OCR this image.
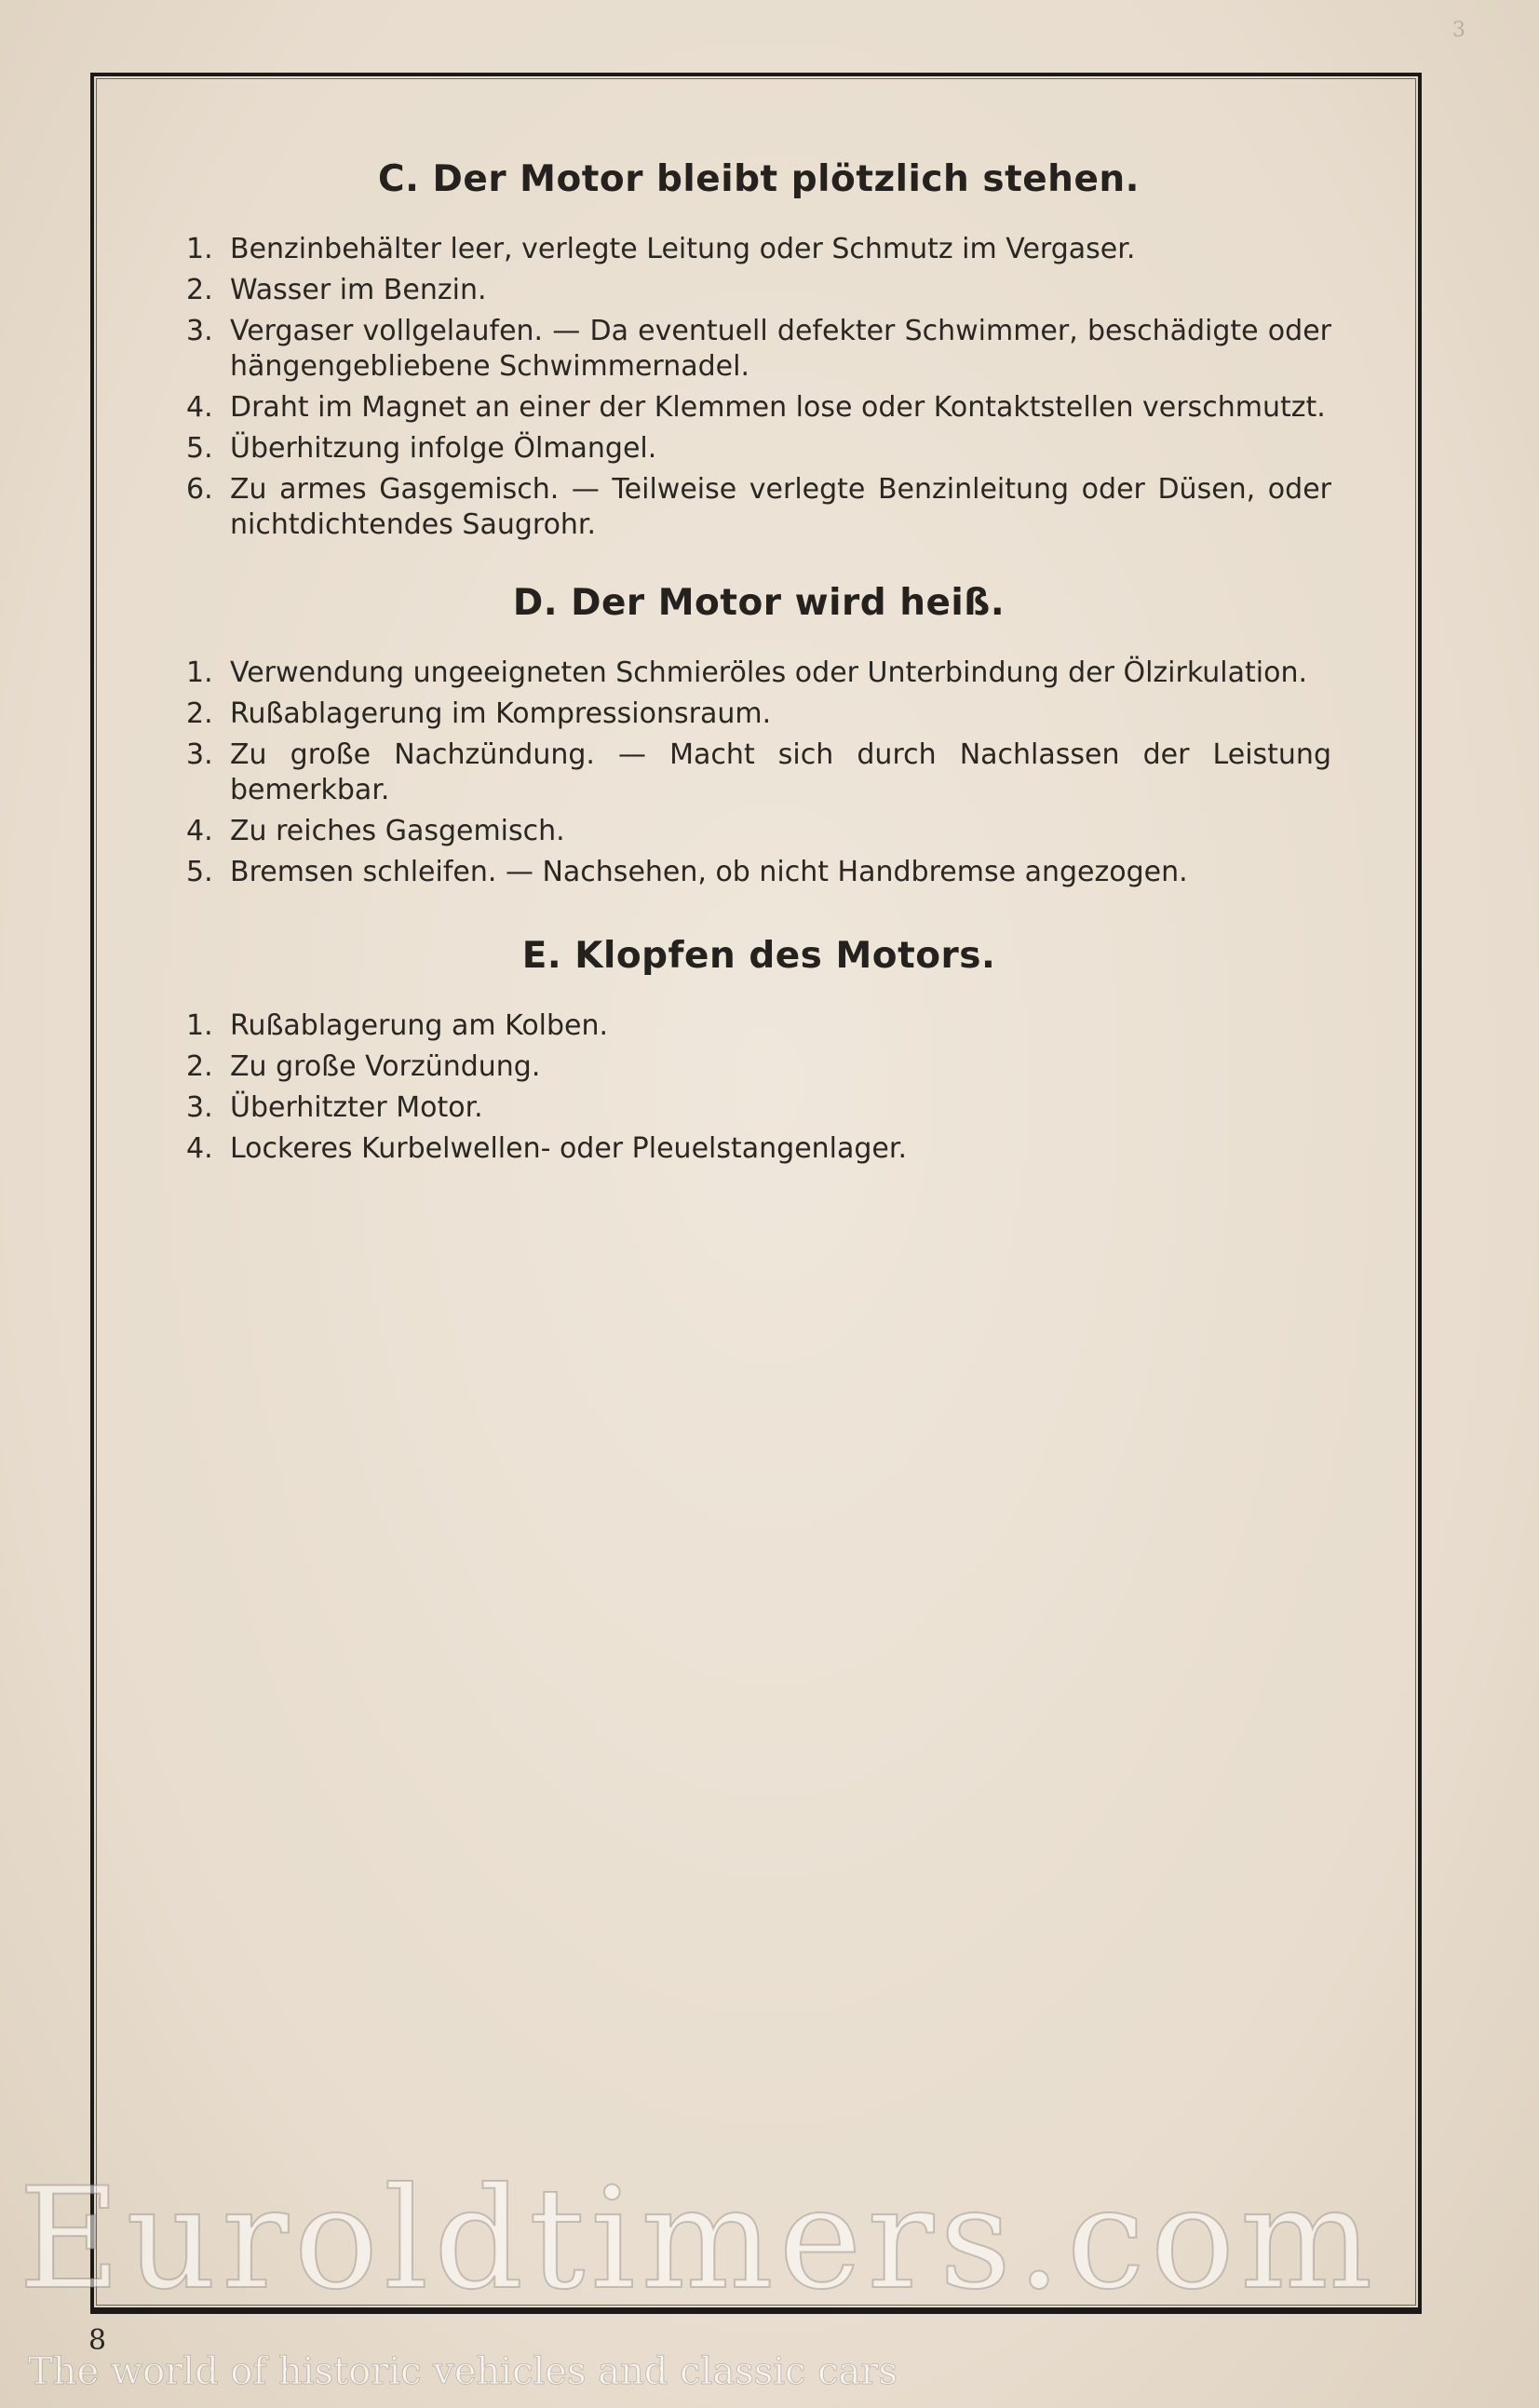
3
C. Der Motor bleibt plötzlich stehen.
1. Benzinbehälter leer, verlegte Leitung oder Schmutz im Vergaser.
2. Wasser im Benzin.
3. Vergaser vollgelaufen. — Da eventuell defekter Schwimmer, beschädigte oder hängengebliebene Schwimmernadel.
4. Draht im Magnet an einer der Klemmen lose oder Kontaktstellen verschmutzt.
5. Überhitzung infolge Ölmangel.
6. Zu armes Gasgemisch. — Teilweise verlegte Benzinleitung oder Düsen, oder nichtdichtendes Saugrohr.
D. Der Motor wird heiß.
1. Verwendung ungeeigneten Schmieröles oder Unterbindung der Ölzirkulation.
2. Rußablagerung im Kompressionsraum.
3. Zu große Nachzündung. — Macht sich durch Nachlassen der Leistung bemerkbar.
4. Zu reiches Gasgemisch.
5. Bremsen schleifen. — Nachsehen, ob nicht Handbremse angezogen.
E. Klopfen des Motors.
1. Rußablagerung am Kolben.
2. Zu große Vorzündung.
3. Überhitzter Motor.
4. Lockeres Kurbelwellen- oder Pleuelstangenlager.
Euroldtimers.com
8
The world of historic vehicles and classic cars
